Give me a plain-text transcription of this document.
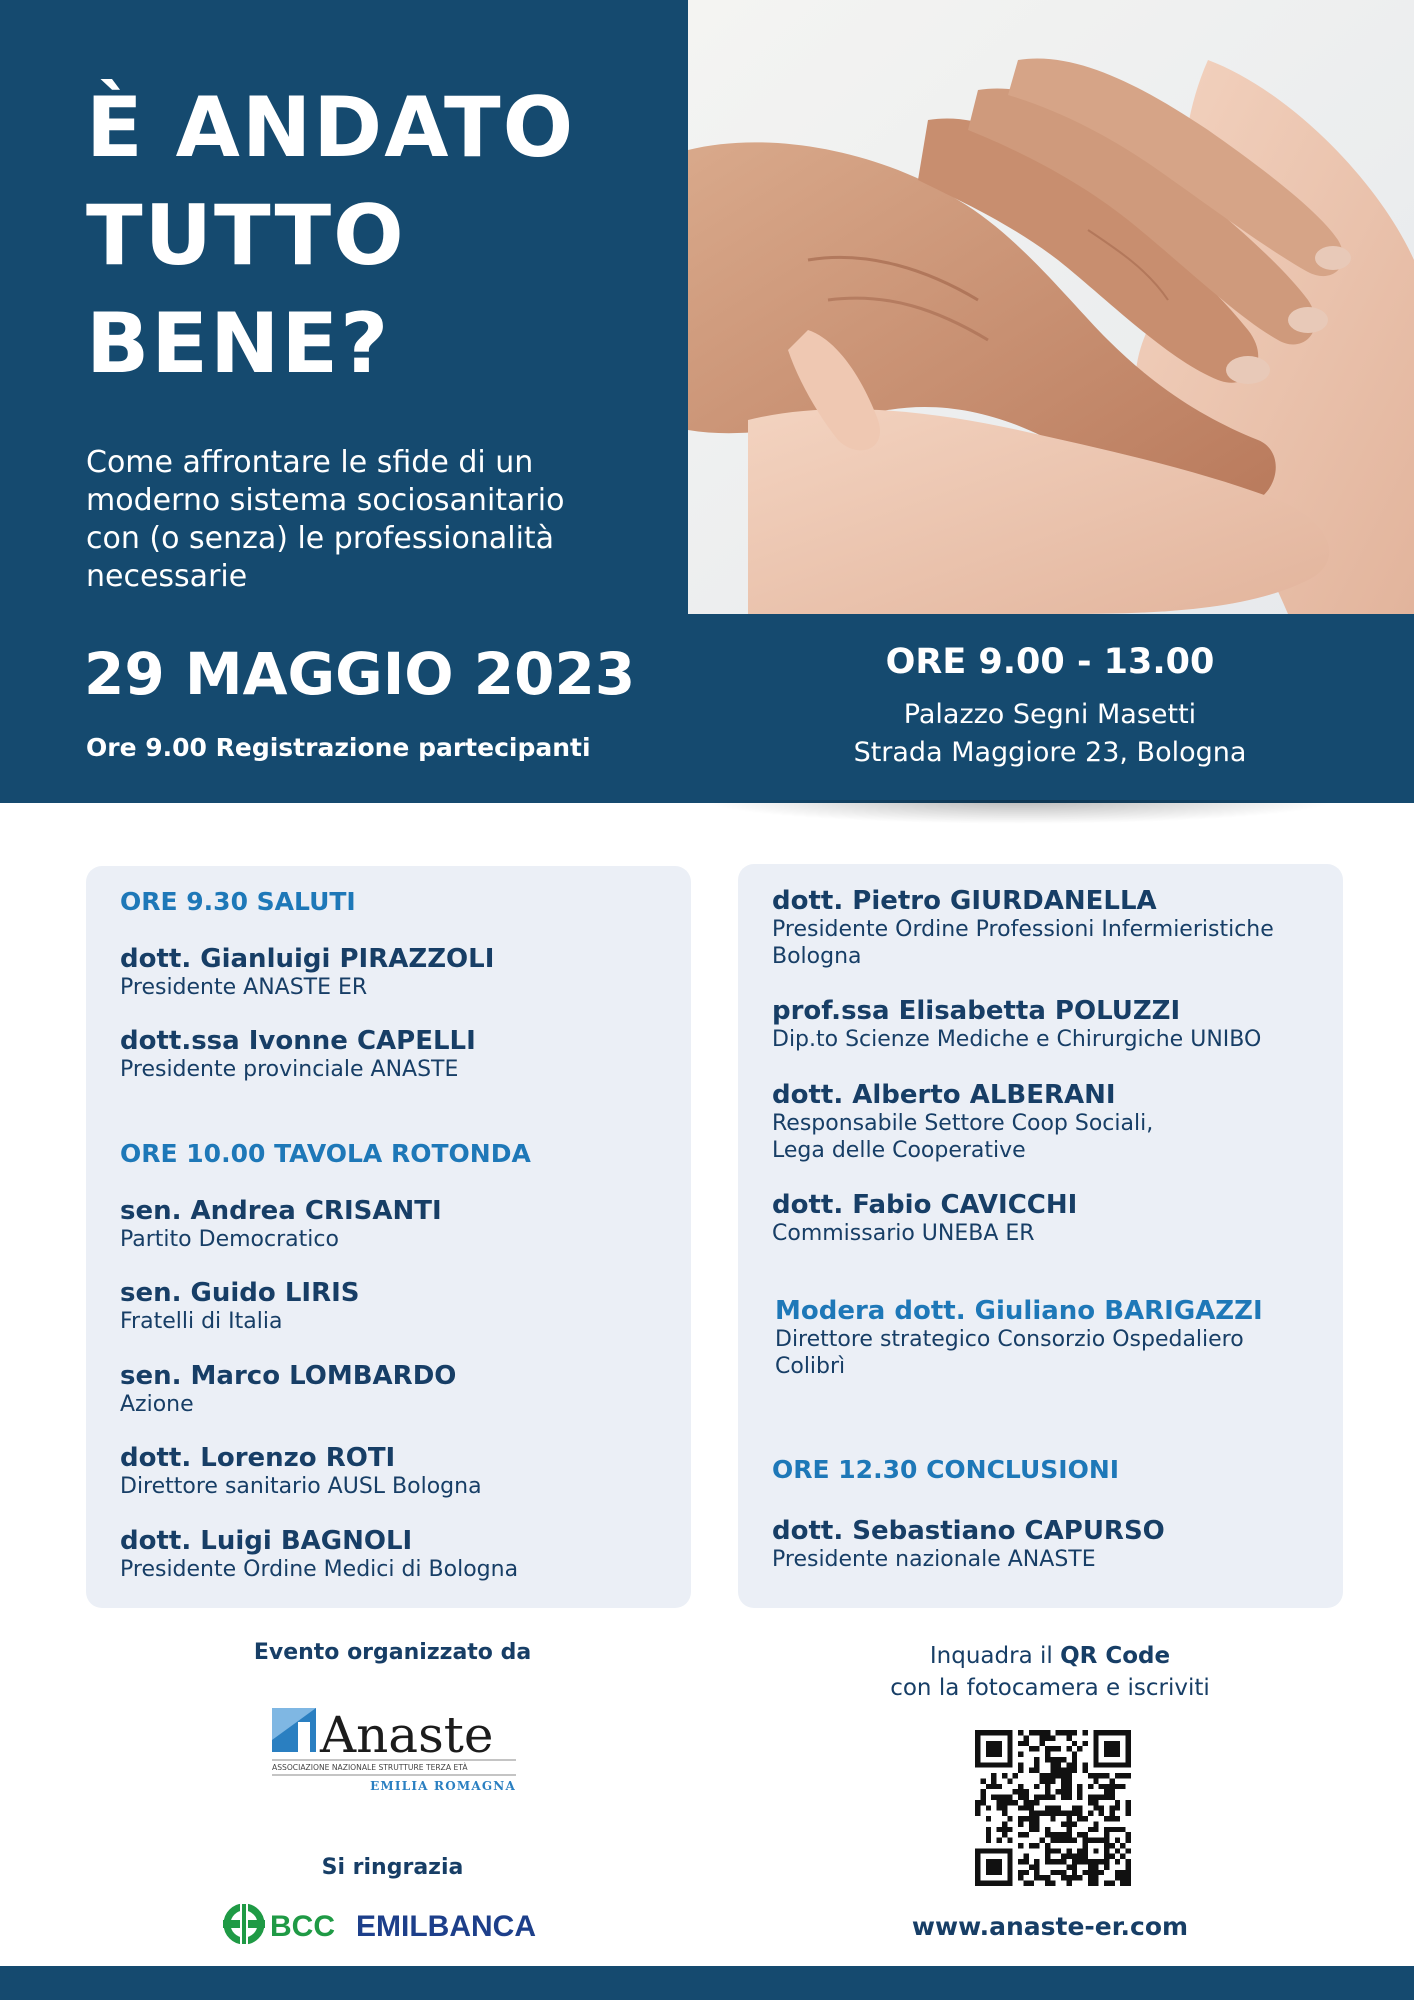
È ANDATO
TUTTO
BENE?
Come affrontare le sfide di un
moderno sistema sociosanitario
con (o senza) le professionalità
necessarie
29 MAGGIO 2023
Ore 9.00 Registrazione partecipanti
ORE 9.00 - 13.00
Palazzo Segni Masetti
Strada Maggiore 23, Bologna
ORE 9.30 SALUTI
dott. Gianluigi PIRAZZOLI
Presidente ANASTE ER
dott.ssa Ivonne CAPELLI
Presidente provinciale ANASTE
ORE 10.00 TAVOLA ROTONDA
sen. Andrea CRISANTI
Partito Democratico
sen. Guido LIRIS
Fratelli di Italia
sen. Marco LOMBARDO
Azione
dott. Lorenzo ROTI
Direttore sanitario AUSL Bologna
dott. Luigi BAGNOLI
Presidente Ordine Medici di Bologna
dott. Pietro GIURDANELLA
Presidente Ordine Professioni Infermieristiche
Bologna
prof.ssa Elisabetta POLUZZI
Dip.to Scienze Mediche e Chirurgiche UNIBO
dott. Alberto ALBERANI
Responsabile Settore Coop Sociali,
Lega delle Cooperative
dott. Fabio CAVICCHI
Commissario UNEBA ER
Modera dott. Giuliano BARIGAZZI
Direttore strategico Consorzio Ospedaliero
Colibrì
ORE 12.30 CONCLUSIONI
dott. Sebastiano CAPURSO
Presidente nazionale ANASTE
Evento organizzato da
Anaste
ASSOCIAZIONE NAZIONALE STRUTTURE TERZA ETÀ
EMILIA ROMAGNA
Si ringrazia
BCC EMILBANCA
Inquadra il QR Code
con la fotocamera e iscriviti
www.anaste-er.com
